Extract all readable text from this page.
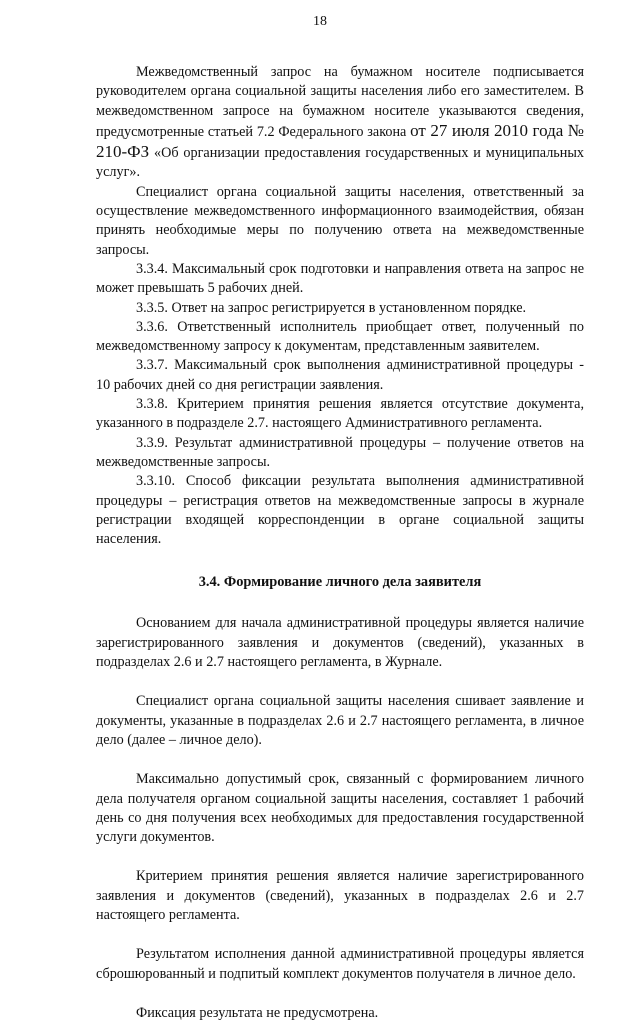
18

Межведомственный запрос на бумажном носителе подписывается руководителем органа социальной защиты населения либо его заместителем. В межведомственном запросе на бумажном носителе указываются сведения, предусмотренные статьей 7.2 Федерального закона от 27 июля 2010 года № 210-ФЗ «Об организации предоставления государственных и муниципальных услуг».

Специалист органа социальной защиты населения, ответственный за осуществление межведомственного информационного взаимодействия, обязан принять необходимые меры по получению ответа на межведомственные запросы.

3.3.4. Максимальный срок подготовки и направления ответа на запрос не может превышать 5 рабочих дней.

3.3.5. Ответ на запрос регистрируется в установленном порядке.

3.3.6. Ответственный исполнитель приобщает ответ, полученный по межведомственному запросу к документам, представленным заявителем.

3.3.7. Максимальный срок выполнения административной процедуры - 10 рабочих дней со дня регистрации заявления.

3.3.8. Критерием принятия решения является отсутствие документа, указанного в подразделе 2.7. настоящего Административного регламента.

3.3.9. Результат административной процедуры – получение ответов на межведомственные запросы.

3.3.10. Способ фиксации результата выполнения административной процедуры – регистрация ответов на межведомственные запросы в журнале регистрации входящей корреспонденции в органе социальной защиты населения.

3.4. Формирование личного дела заявителя

Основанием для начала административной процедуры является наличие зарегистрированного заявления и документов (сведений), указанных в подразделах 2.6 и 2.7 настоящего регламента, в Журнале.

Специалист органа социальной защиты населения сшивает заявление и документы, указанные в подразделах 2.6 и 2.7 настоящего регламента, в личное дело (далее – личное дело).

Максимально допустимый срок, связанный с формированием личного дела получателя органом социальной защиты населения, составляет 1 рабочий день со дня получения всех необходимых для предоставления государственной услуги документов.

Критерием принятия решения является наличие зарегистрированного заявления и документов (сведений), указанных в подразделах 2.6 и 2.7 настоящего регламента.

Результатом исполнения данной административной процедуры является сброшюрованный и подпитый комплект документов получателя в личное дело.

Фиксация результата не предусмотрена.
